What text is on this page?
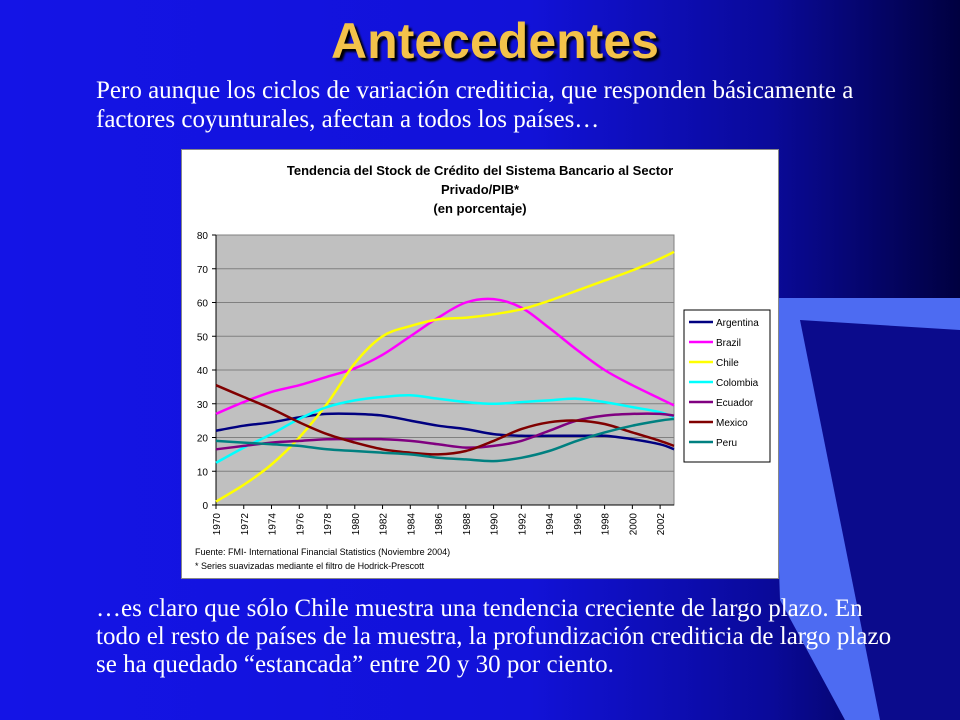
Antecedentes

Pero aunque los ciclos de variación crediticia, que responden básicamente a factores coyunturales, afectan a todos los países…

Tendencia del Stock de Crédito del Sistema Bancario al Sector
Privado/PIB*
(en porcentaje)
0
10
20
30
40
50
60
70
80
1970 1972 1974 1976 1978 1980 1982 1984 1986 1988 1990 1992 1994 1996 1998 2000 2002
Argentina
Brazil
Chile
Colombia
Ecuador
Mexico
Peru
Fuente: FMI- International Financial Statistics (Noviembre 2004)
* Series suavizadas mediante el filtro de Hodrick-Prescott

…es claro que sólo Chile muestra una tendencia creciente de largo plazo. En todo el resto de países de la muestra, la profundización crediticia de largo plazo se ha quedado “estancada” entre 20 y 30 por ciento.
